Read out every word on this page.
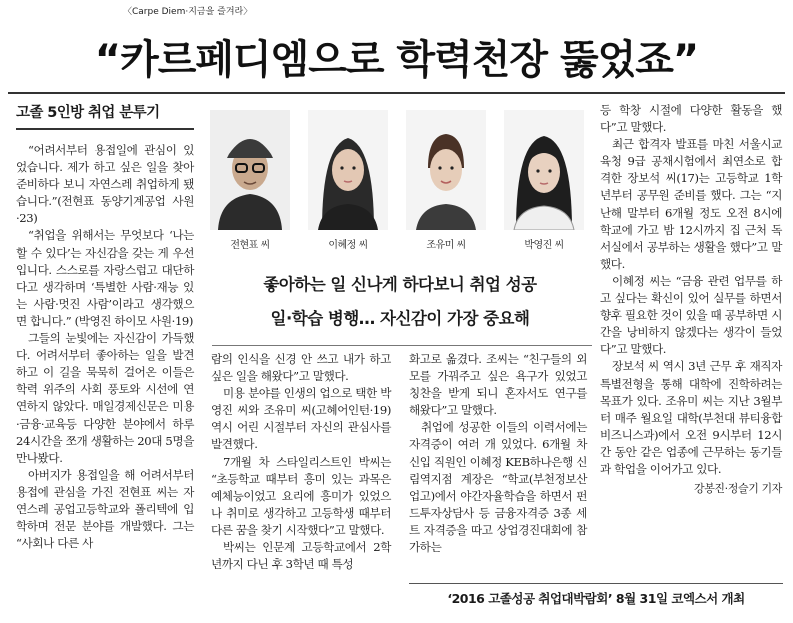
〈Carpe Diem·지금을 즐겨라〉
“카르페디엠으로 학력천장 뚫었죠”
고졸 5인방 취업 분투기

“어려서부터 용접일에 관심이 있었습니다. 제가 하고 싶은 일을 찾아 준비하다 보니 자연스레 취업하게 됐습니다.”(전현표 동양기계공업 사원·23)

“취업을 위해서는 무엇보다 ‘나는 할 수 있다’는 자신감을 갖는 게 우선입니다. 스스로를 자랑스럽고 대단하다고 생각하며 ‘특별한 사람·재능 있는 사람·멋진 사람’이라고 생각했으면 합니다.” (박영진 하이모 사원·19)

그들의 눈빛에는 자신감이 가득했다. 어려서부터 좋아하는 일을 발견하고 이 길을 묵묵히 걸어온 이들은 학력 위주의 사회 풍토와 시선에 연연하지 않았다. 매일경제신문은 미용·금융·교육등 다양한 분야에서 하루 24시간을 쪼개 생활하는 20대 5명을 만나봤다.

아버지가 용접일을 해 어려서부터 용접에 관심을 가진 전현표 씨는 자연스레 공업고등학교와 폴리텍에 입학하며 전문 분야를 개발했다. 그는 “사회나 다른 사

전현표 씨	이혜정 씨	조유미 씨	박영진 씨
좋아하는 일 신나게 하다보니 취업 성공
일·학습 병행… 자신감이 가장 중요해

람의 인식을 신경 안 쓰고 내가 하고 싶은 일을 해왔다”고 말했다.

미용 분야를 인생의 업으로 택한 박영진 씨와 조유미 씨(고혜어인턴·19) 역시 어린 시절부터 자신의 관심사를 발견했다.

7개월 차 스타일리스트인 박씨는 “초등학교 때부터 흥미 있는 과목은 예체능이었고 요리에 흥미가 있었으나 취미로 생각하고 고등학생 때부터 다른 꿈을 찾기 시작했다”고 말했다.

박씨는 인문계 고등학교에서 2학년까지 다닌 후 3학년 때 특성

화고로 옮겼다. 조씨는 “친구들의 외모를 가꿔주고 싶은 욕구가 있었고 칭찬을 받게 되니 혼자서도 연구를 해왔다”고 말했다.

취업에 성공한 이들의 이력서에는 자격증이 여러 개 있었다. 6개월 차 신입 직원인 이혜정 KEB하나은행 신림역지점 계장은 “학교(부천정보산업고)에서 야간자율학습을 하면서 펀드투자상담사 등 금융자격증 3종 세트 자격증을 따고 상업경진대회에 참가하는

등 학창 시절에 다양한 활동을 했다”고 말했다.

최근 합격자 발표를 마친 서울시교육청 9급 공채시험에서 최연소로 합격한 장보석 씨(17)는 고등학교 1학년부터 공무원 준비를 했다. 그는 “지난해 말부터 6개월 정도 오전 8시에 학교에 가고 밤 12시까지 집 근처 독서실에서 공부하는 생활을 했다”고 말했다.

이혜정 씨는 “금융 관련 업무를 하고 싶다는 확신이 있어 실무를 하면서 향후 필요한 것이 있을 때 공부하면 시간을 낭비하지 않겠다는 생각이 들었다”고 말했다.

장보석 씨 역시 3년 근무 후 재직자특별전형을 통해 대학에 진학하려는 목표가 있다. 조유미 씨는 지난 3월부터 매주 월요일 대학(부천대 뷰티융합비즈니스과)에서 오전 9시부터 12시간 동안 같은 업종에 근무하는 동기들과 학업을 이어가고 있다.

강봉진·정슬기 기자

‘2016 고졸성공 취업대박람회’ 8월 31일 코엑스서 개최
